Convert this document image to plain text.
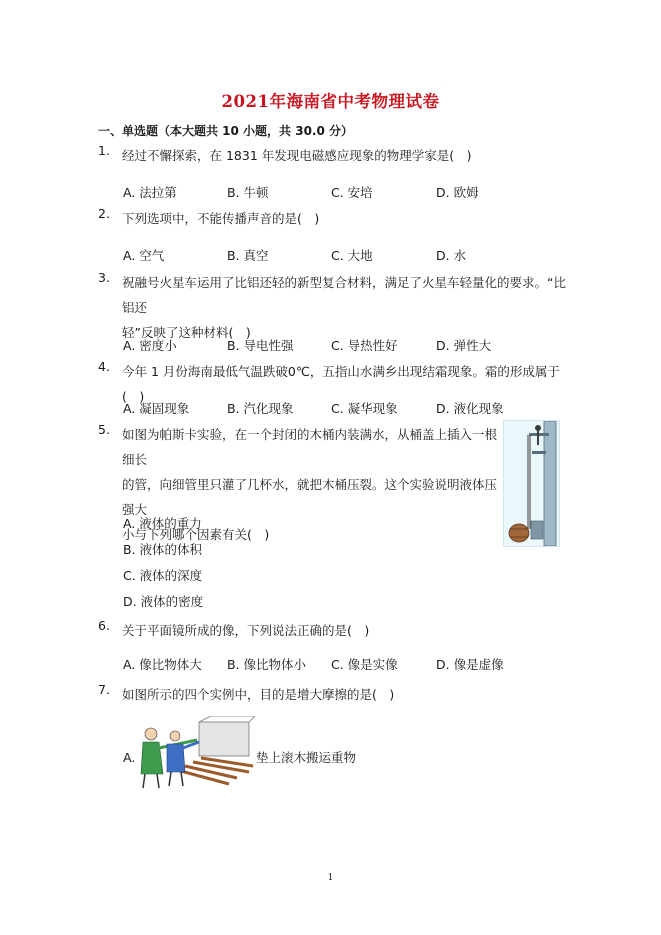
2021年海南省中考物理试卷
一、单选题（本大题共 10 小题，共 30.0 分）
1. 经过不懈探索，在 1831 年发现电磁感应现象的物理学家是(　)

A. 法拉第	B. 牛顿	C. 安培	D. 欧姆
2. 下列选项中，不能传播声音的是(　)

A. 空气	B. 真空	C. 大地	D. 水
3. 祝融号火星车运用了比铝还轻的新型复合材料，满足了火星车轻量化的要求。“比铝还

轻”反映了这种材料(　)

A. 密度小	B. 导电性强	C. 导热性好	D. 弹性大
4. 今年 1 月份海南最低气温跌破0℃，五指山水满乡出现结霜现象。霜的形成属于(　)

A. 凝固现象	B. 汽化现象	C. 凝华现象	D. 液化现象
5. 如图为帕斯卡实验，在一个封闭的木桶内装满水，从桶盖上插入一根细长

的管，向细管里只灌了几杯水，就把木桶压裂。这个实验说明液体压强大

小与下列哪个因素有关(　)

A. 液体的重力
B. 液体的体积
C. 液体的深度
D. 液体的密度
6. 关于平面镜所成的像，下列说法正确的是(　)

A. 像比物体大 B. 像比物体小 C. 像是实像	D. 像是虚像
7. 如图所示的四个实例中，目的是增大摩擦的是(　)

A.	垫上滚木搬运重物
1
